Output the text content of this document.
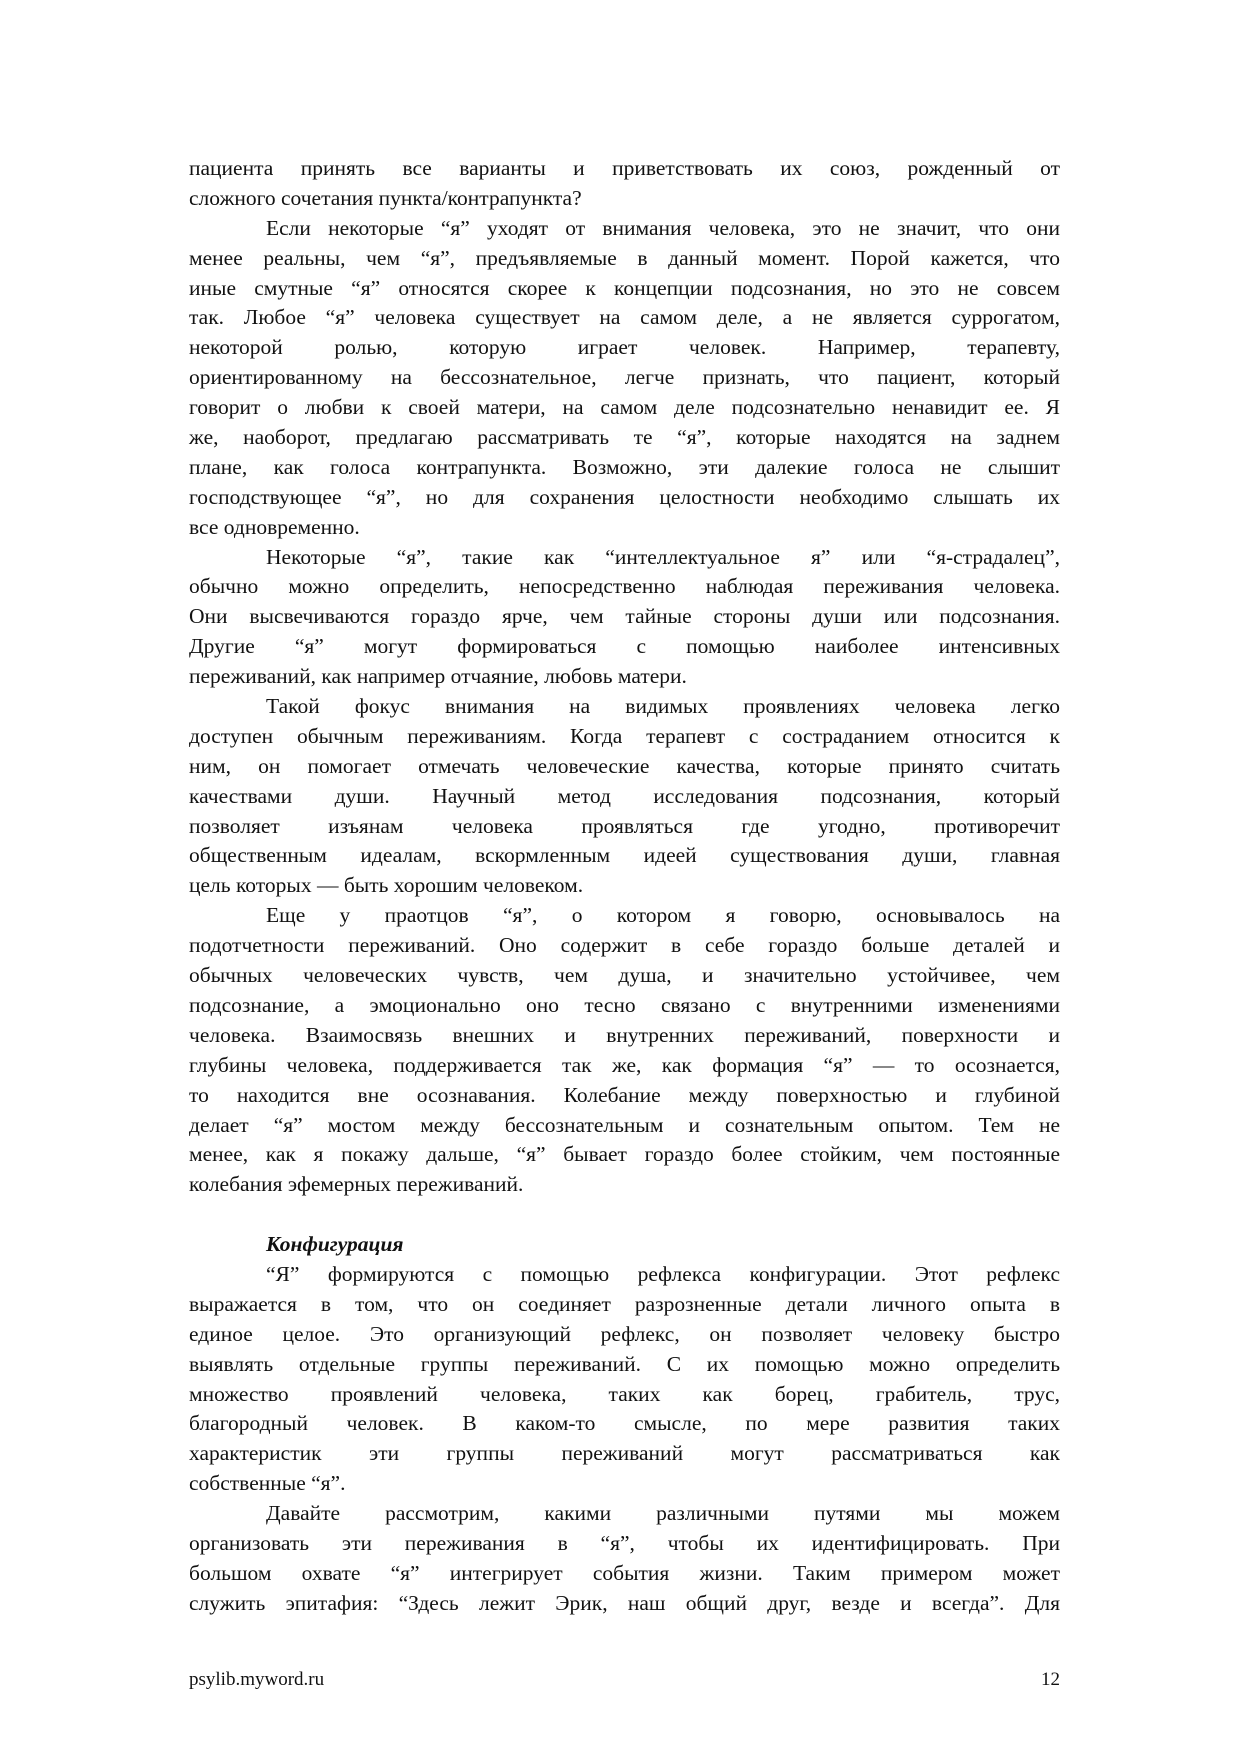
пациента принять все варианты и приветствовать их союз, рожденный от
сложного сочетания пункта/контрапункта?
Если некоторые “я” уходят от внимания человека, это не значит, что они
менее реальны, чем “я”, предъявляемые в данный момент. Порой кажется, что
иные смутные “я” относятся скорее к концепции подсознания, но это не совсем
так. Любое “я” человека существует на самом деле, а не является суррогатом,
некоторой ролью, которую играет человек. Например, терапевту,
ориентированному на бессознательное, легче признать, что пациент, который
говорит о любви к своей матери, на самом деле подсознательно ненавидит ее. Я
же, наоборот, предлагаю рассматривать те “я”, которые находятся на заднем
плане, как голоса контрапункта. Возможно, эти далекие голоса не слышит
господствующее “я”, но для сохранения целостности необходимо слышать их
все одновременно.
Некоторые “я”, такие как “интеллектуальное я” или “я-страдалец”,
обычно можно определить, непосредственно наблюдая переживания человека.
Они высвечиваются гораздо ярче, чем тайные стороны души или подсознания.
Другие “я” могут формироваться с помощью наиболее интенсивных
переживаний, как например отчаяние, любовь матери.
Такой фокус внимания на видимых проявлениях человека легко
доступен обычным переживаниям. Когда терапевт с состраданием относится к
ним, он помогает отмечать человеческие качества, которые принято считать
качествами души. Научный метод исследования подсознания, который
позволяет изъянам человека проявляться где угодно, противоречит
общественным идеалам, вскормленным идеей существования души, главная
цель которых — быть хорошим человеком.
Еще у праотцов “я”, о котором я говорю, основывалось на
подотчетности переживаний. Оно содержит в себе гораздо больше деталей и
обычных человеческих чувств, чем душа, и значительно устойчивее, чем
подсознание, а эмоционально оно тесно связано с внутренними изменениями
человека. Взаимосвязь внешних и внутренних переживаний, поверхности и
глубины человека, поддерживается так же, как формация “я” — то осознается,
то находится вне осознавания. Колебание между поверхностью и глубиной
делает “я” мостом между бессознательным и сознательным опытом. Тем не
менее, как я покажу дальше, “я” бывает гораздо более стойким, чем постоянные
колебания эфемерных переживаний.
Конфигурация
“Я” формируются с помощью рефлекса конфигурации. Этот рефлекс
выражается в том, что он соединяет разрозненные детали личного опыта в
единое целое. Это организующий рефлекс, он позволяет человеку быстро
выявлять отдельные группы переживаний. С их помощью можно определить
множество проявлений человека, таких как борец, грабитель, трус,
благородный человек. В каком-то смысле, по мере развития таких
характеристик эти группы переживаний могут рассматриваться как
собственные “я”.
Давайте рассмотрим, какими различными путями мы можем
организовать эти переживания в “я”, чтобы их идентифицировать. При
большом охвате “я” интегрирует события жизни. Таким примером может
служить эпитафия: “Здесь лежит Эрик, наш общий друг, везде и всегда”. Для
psylib.myword.ru	12
